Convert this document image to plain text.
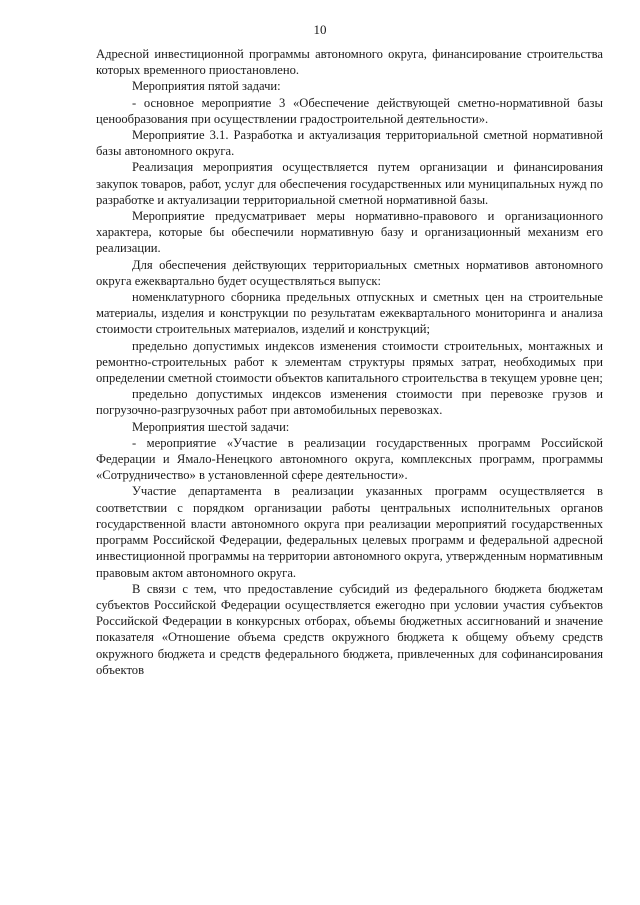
10

Адресной инвестиционной программы автономного округа, финансирование строительства которых временного приостановлено.

Мероприятия пятой задачи:

- основное мероприятие 3 «Обеспечение действующей сметно-нормативной базы ценообразования при осуществлении градостроительной деятельности».

Мероприятие 3.1. Разработка и актуализация территориальной сметной нормативной базы автономного округа.

Реализация мероприятия осуществляется путем организации и финансирования закупок товаров, работ, услуг для обеспечения государственных или муниципальных нужд по разработке и актуализации территориальной сметной нормативной базы.

Мероприятие предусматривает меры нормативно-правового и организационного характера, которые бы обеспечили нормативную базу и организационный механизм его реализации.

Для обеспечения действующих территориальных сметных нормативов автономного округа ежеквартально будет осуществляться выпуск:

номенклатурного сборника предельных отпускных и сметных цен на строительные материалы, изделия и конструкции по результатам ежеквартального мониторинга и анализа стоимости строительных материалов, изделий и конструкций;

предельно допустимых индексов изменения стоимости строительных, монтажных и ремонтно-строительных работ к элементам структуры прямых затрат, необходимых при определении сметной стоимости объектов капитального строительства в текущем уровне цен;

предельно допустимых индексов изменения стоимости при перевозке грузов и погрузочно-разгрузочных работ при автомобильных перевозках.

Мероприятия шестой задачи:

- мероприятие «Участие в реализации государственных программ Российской Федерации и Ямало-Ненецкого автономного округа, комплексных программ, программы «Сотрудничество» в установленной сфере деятельности».

Участие департамента в реализации указанных программ осуществляется в соответствии с порядком организации работы центральных исполнительных органов государственной власти автономного округа при реализации мероприятий государственных программ Российской Федерации, федеральных целевых программ и федеральной адресной инвестиционной программы на территории автономного округа, утвержденным нормативным правовым актом автономного округа.

В связи с тем, что предоставление субсидий из федерального бюджета бюджетам субъектов Российской Федерации осуществляется ежегодно при условии участия субъектов Российской Федерации в конкурсных отборах, объемы бюджетных ассигнований и значение показателя «Отношение объема средств окружного бюджета к общему объему средств окружного бюджета и средств федерального бюджета, привлеченных для софинансирования объектов
